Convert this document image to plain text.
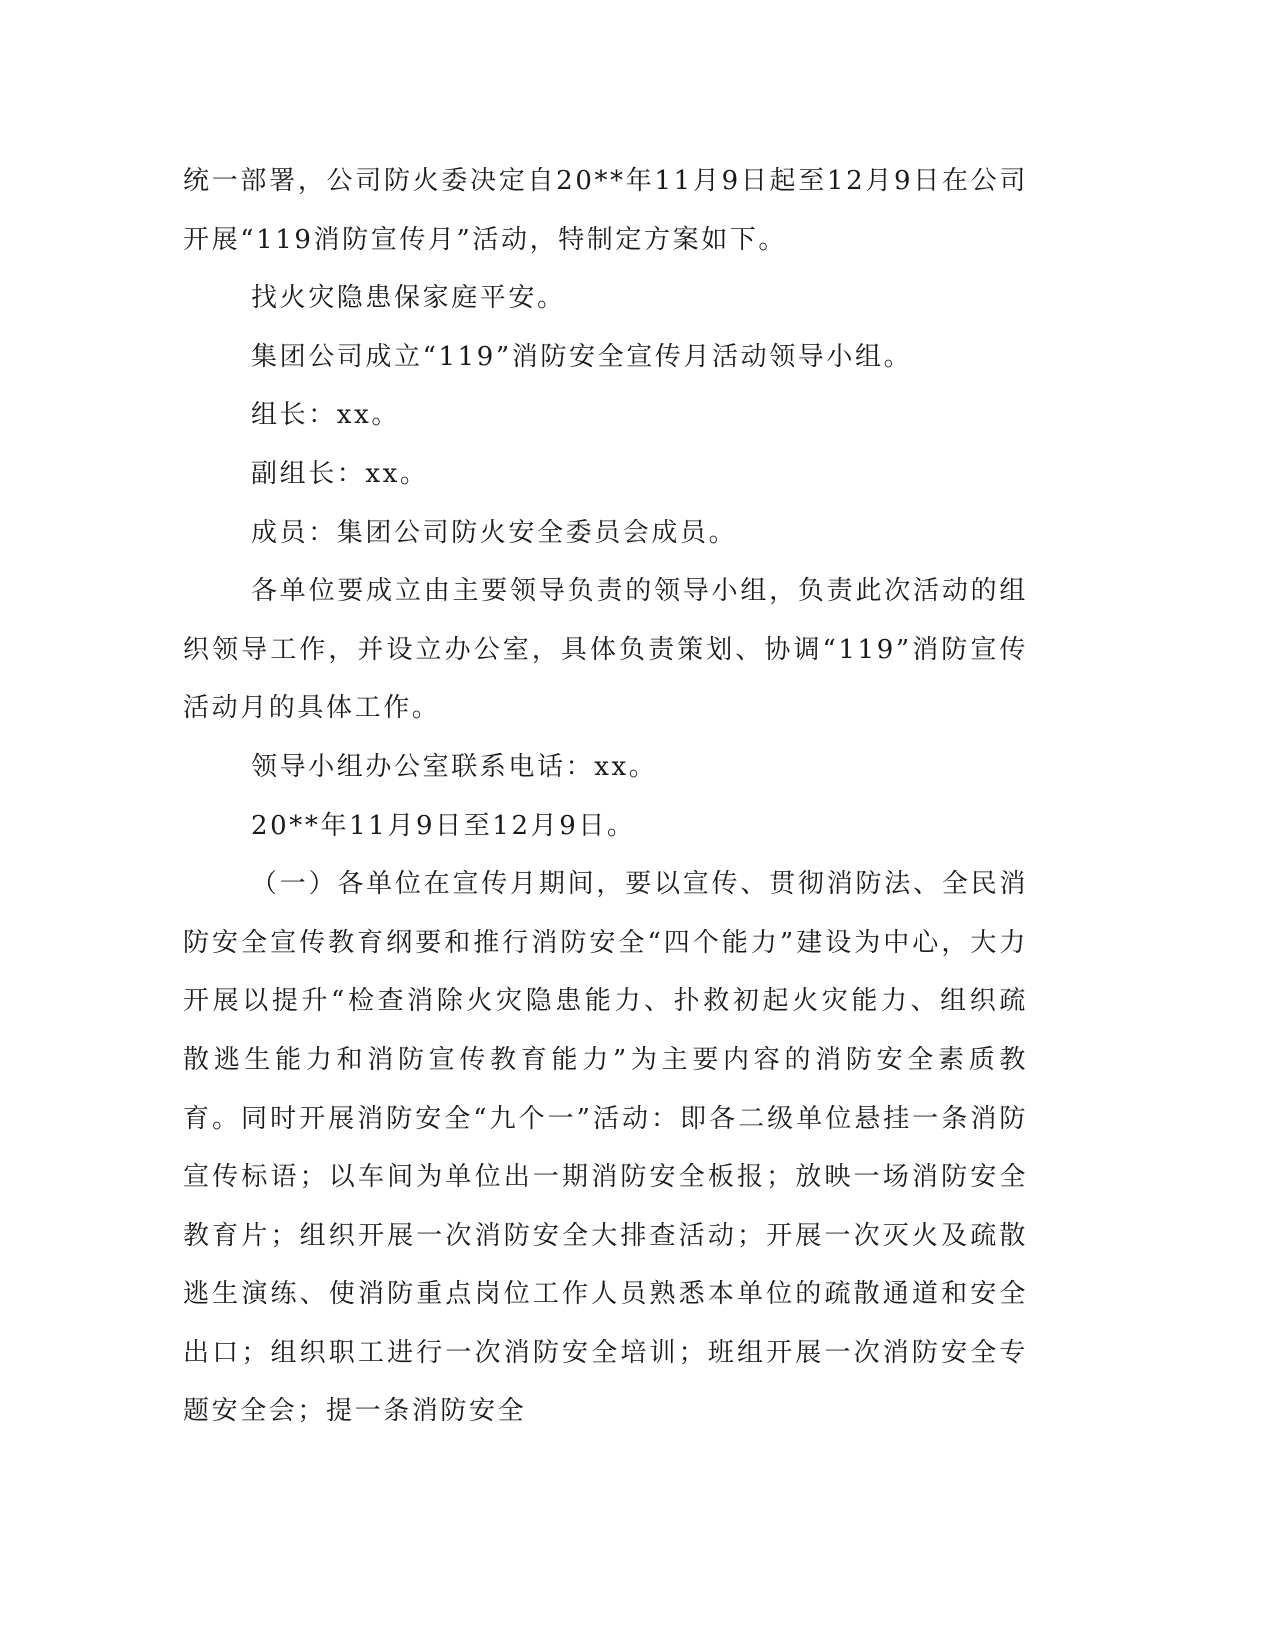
统一部署，公司防火委决定自20**年11月9日起至12月9日在公司开展“119消防宣传月”活动，特制定方案如下。

找火灾隐患保家庭平安。

集团公司成立“119”消防安全宣传月活动领导小组。

组长：xx。

副组长：xx。

成员：集团公司防火安全委员会成员。

各单位要成立由主要领导负责的领导小组，负责此次活动的组织领导工作，并设立办公室，具体负责策划、协调“119”消防宣传活动月的具体工作。

领导小组办公室联系电话：xx。

20**年11月9日至12月9日。

（一）各单位在宣传月期间，要以宣传、贯彻消防法、全民消防安全宣传教育纲要和推行消防安全“四个能力”建设为中心，大力开展以提升“检查消除火灾隐患能力、扑救初起火灾能力、组织疏散逃生能力和消防宣传教育能力”为主要内容的消防安全素质教育。同时开展消防安全“九个一”活动：即各二级单位悬挂一条消防宣传标语；以车间为单位出一期消防安全板报；放映一场消防安全教育片；组织开展一次消防安全大排查活动；开展一次灭火及疏散逃生演练、使消防重点岗位工作人员熟悉本单位的疏散通道和安全出口；组织职工进行一次消防安全培训；班组开展一次消防安全专题安全会；提一条消防安全
